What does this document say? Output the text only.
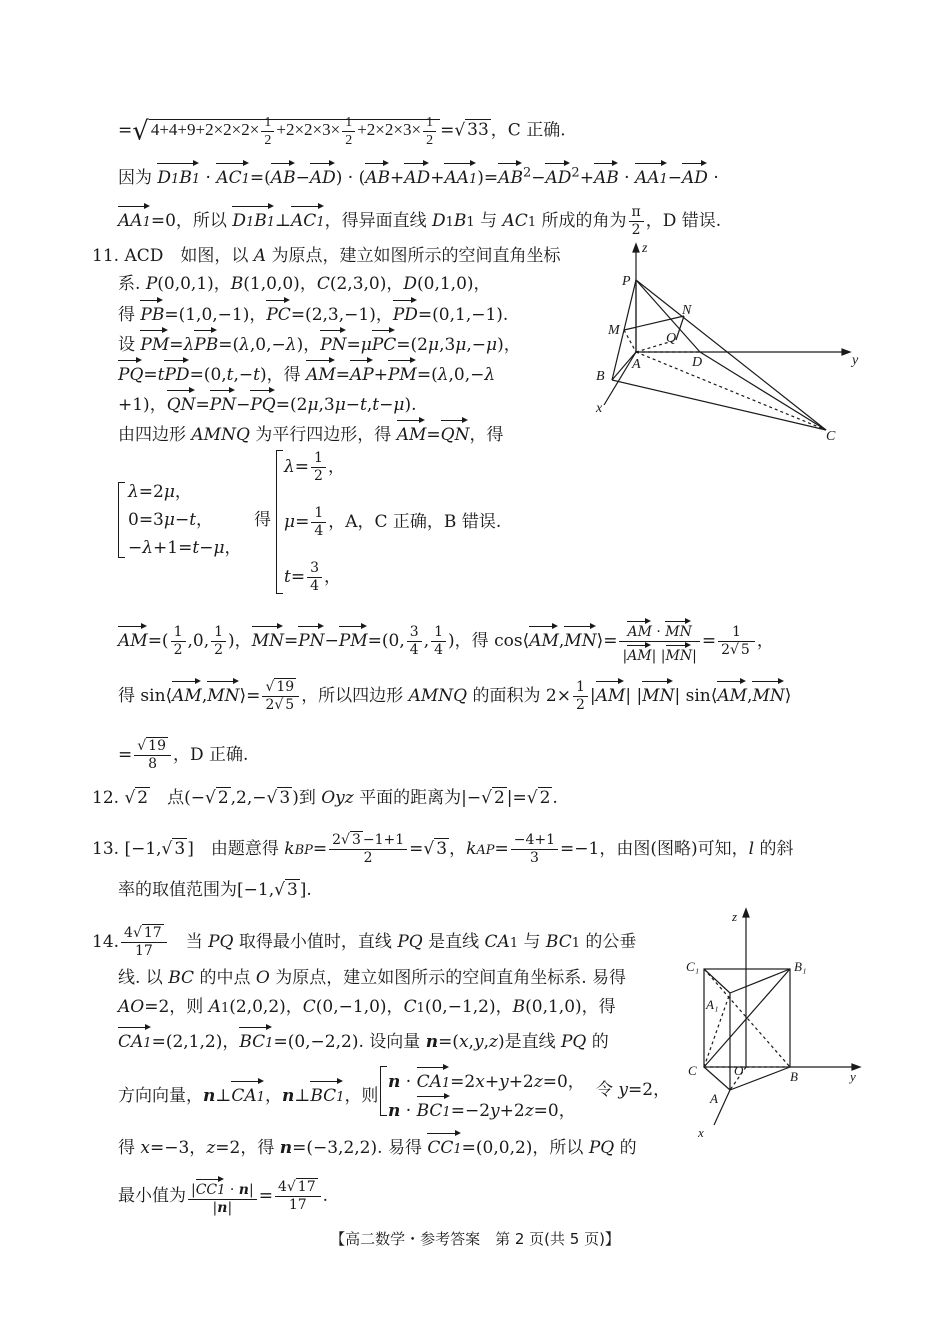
=√ $4+4+9+2\times 2\times 2\times \frac{1}{2} +2\times 2\times 3\times \frac{1}{2} +2\times 2\times 3\times \frac{1}{2}$ =√ 33 ，C 正确.
因为 $D1B1 \cdot AC1=(AB-AD) \cdot (AB+AD+AA1)=AB^2-AD^2+AB \cdot AA1-AD$ ·
AA1=0，所以 D1B1⊥AC1，得异面直线 D1B1 与 AC1 所成的角为 $\frac{\pi}{2}$ ，D 错误.
11. ACD　 如图，以 A 为原点，建立如图所示的空间直角坐标
系. P(0,0,1)，B(1,0,0)，C(2,3,0)，D(0,1,0)，
得 PB=(1,0,−1)，PC=(2,3,−1)，PD=(0,1,−1).
设 PM=λPB=(λ,0,−λ)，PN=μPC=(2μ,3μ,−μ)，
PQ=tPD=(0,t,−t)，得 AM=AP+PM=(λ,0,−λ
+1)，QN=PN−PQ=(2μ,3μ−t,t−μ).
由四边形 AMNQ 为平行四边形，得 AM=QN，得
λ=2μ，
0=3μ−t，
−λ+1=t−μ，
得
$\lambda= \frac{1}{2}$ ，
$\mu= \frac{1}{4}$ ，A，C 正确，B 错误.
$t= \frac{3}{4}$ ，
$AM=( \frac{1}{2} ,0$, $\frac{1}{2}$ )，MN=PN−PM=(0, $\frac{3}{4}$ , $\frac{1}{4}$ )，得 cos⟨AM,MN⟩= $\frac{AM \cdot MN}{|AM| |MN|} = \frac{1}{2√ 5}$ ，
得 sin⟨AM,MN⟩= $\frac{√ 19}{2√ 5}$ ，所以四边形 AMNQ 的面积为 $2\times \frac{1}{2} |AM|$ |MN| sin⟨AM,MN⟩
= $\frac{√ 19}{8}$ ，D 正确.
12. √ 2　点(−√ 2 ,2,−√ 3 )到 Oyz 平面的距离为|−√ 2 |=√ 2 .
13. [−1,√ 3 ]　由题意得 $kBP= \frac{2√ 3 -1+1}{2}$ =√ 3 ，$kAP= \frac{-4+1}{3} =-1$，由图(图略)可知，l 的斜
率的取值范围为[−1,√ 3 ].
14. $\frac{4√ 17}{17}$ 　当 PQ 取得最小值时，直线 PQ 是直线 CA1 与 BC1 的公垂
线. 以 BC 的中点 O 为原点，建立如图所示的空间直角坐标系. 易得
AO=2，则 A1(2,0,2)，C(0,−1,0)，C1(0,−1,2)，B(0,1,0)，得
CA1=(2,1,2)，BC1=(0,−2,2). 设向量 n=(x,y,z)是直线 PQ 的
方向向量，n⊥CA1，n⊥BC1，则
n · CA1=2x+y+2z=0，
n · BC1=−2y+2z=0，
令 y=2，
得 x=−3，z=2，得 n=(−3,2,2). 易得 CC1=(0,0,2)，所以 PQ 的
最小值为 $\frac{|CC1 \cdot n|}{|n|} = \frac{4√ 17}{17}$ .
z
P
N
M
Q
A	D	y
B
x
C
z
C₁	B₁
A₁
C	O	B	y
A
x
【高二数学・参考答案　第 2 页(共 5 页)】
